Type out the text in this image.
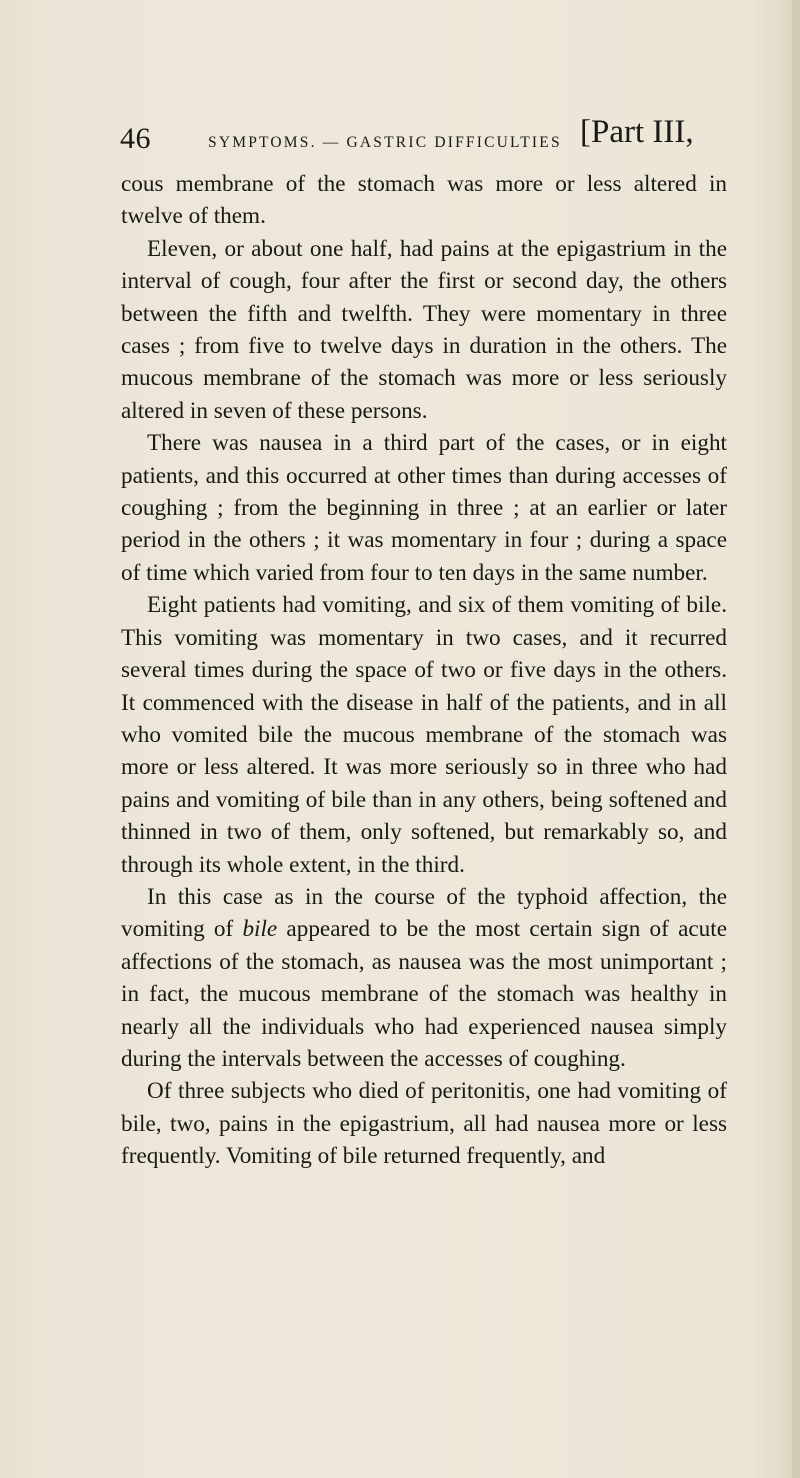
46	SYMPTOMS. — GASTRIC DIFFICULTIES [Part III,

cous membrane of the stomach was more or less altered in twelve of them.

Eleven, or about one half, had pains at the epigastrium in the interval of cough, four after the first or second day, the others between the fifth and twelfth. They were momentary in three cases ; from five to twelve days in duration in the others. The mucous membrane of the stomach was more or less seriously altered in seven of these persons.

There was nausea in a third part of the cases, or in eight patients, and this occurred at other times than during accesses of coughing ; from the beginning in three ; at an earlier or later period in the others ; it was momentary in four ; during a space of time which varied from four to ten days in the same number.

Eight patients had vomiting, and six of them vomiting of bile. This vomiting was momentary in two cases, and it recurred several times during the space of two or five days in the others. It commenced with the disease in half of the patients, and in all who vomited bile the mucous membrane of the stomach was more or less altered. It was more seriously so in three who had pains and vomiting of bile than in any others, being softened and thinned in two of them, only softened, but remarkably so, and through its whole extent, in the third.

In this case as in the course of the typhoid affection, the vomiting of bile appeared to be the most certain sign of acute affections of the stomach, as nausea was the most unimportant ; in fact, the mucous membrane of the stomach was healthy in nearly all the individuals who had experienced nausea simply during the intervals between the accesses of coughing.

Of three subjects who died of peritonitis, one had vomiting of bile, two, pains in the epigastrium, all had nausea more or less frequently. Vomiting of bile returned frequently, and
